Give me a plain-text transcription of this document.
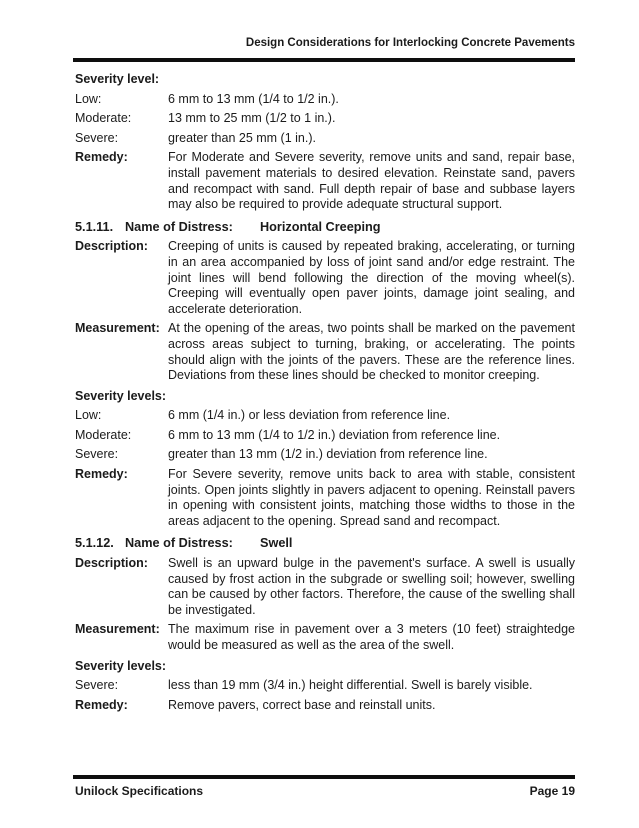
Design Considerations for Interlocking Concrete Pavements
Severity level:
Low:	6 mm to 13 mm (1/4 to 1/2 in.).
Moderate:	13 mm to 25 mm (1/2 to 1 in.).
Severe:	greater than 25 mm (1 in.).
Remedy:	For Moderate and Severe severity, remove units and sand, repair base, install pavement materials to desired elevation. Reinstate sand, pavers and recompact with sand. Full depth repair of base and subbase layers may also be required to provide adequate structural support.
5.1.11. Name of Distress:	Horizontal Creeping
Description:	Creeping of units is caused by repeated braking, accelerating, or turning in an area accompanied by loss of joint sand and/or edge restraint. The joint lines will bend following the direction of the moving wheel(s). Creeping will eventually open paver joints, damage joint sealing, and accelerate deterioration.
Measurement: At the opening of the areas, two points shall be marked on the pavement across areas subject to turning, braking, or accelerating. The points should align with the joints of the pavers. These are the reference lines. Deviations from these lines should be checked to monitor creeping.
Severity levels:
Low:	6 mm (1/4 in.) or less deviation from reference line.
Moderate:	6 mm to 13 mm (1/4 to 1/2 in.) deviation from reference line.
Severe:	greater than 13 mm (1/2 in.) deviation from reference line.
Remedy:	For Severe severity, remove units back to area with stable, consistent joints. Open joints slightly in pavers adjacent to opening. Reinstall pavers in opening with consistent joints, matching those widths to those in the areas adjacent to the opening. Spread sand and recompact.
5.1.12. Name of Distress:	Swell
Description:	Swell is an upward bulge in the pavement's surface. A swell is usually caused by frost action in the subgrade or swelling soil; however, swelling can be caused by other factors. Therefore, the cause of the swelling shall be investigated.
Measurement: The maximum rise in pavement over a 3 meters (10 feet) straightedge would be measured as well as the area of the swell.
Severity levels:
Severe:	less than 19 mm (3/4 in.) height differential. Swell is barely visible.
Remedy:	Remove pavers, correct base and reinstall units.
Unilock Specifications	Page 19
